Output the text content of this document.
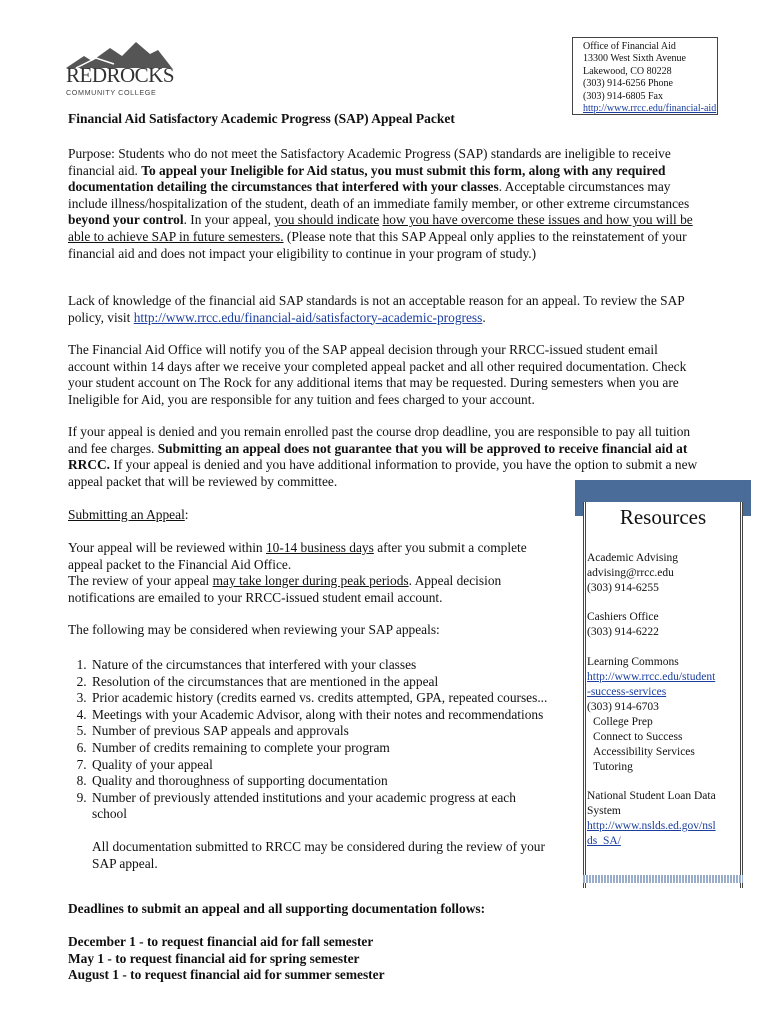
REDROCKS
COMMUNITY COLLEGE
Office of Financial Aid
13300 West Sixth Avenue
Lakewood, CO 80228
(303) 914-6256 Phone
(303) 914-6805 Fax
http://www.rrcc.edu/financial-aid
Financial Aid Satisfactory Academic Progress (SAP) Appeal Packet
Purpose: Students who do not meet the Satisfactory Academic Progress (SAP) standards are ineligible to receive financial aid. To appeal your Ineligible for Aid status, you must submit this form, along with any required documentation detailing the circumstances that interfered with your classes. Acceptable circumstances may include illness/hospitalization of the student, death of an immediate family member, or other extreme circumstances beyond your control. In your appeal, you should indicate how you have overcome these issues and how you will be able to achieve SAP in future semesters. (Please note that this SAP Appeal only applies to the reinstatement of your financial aid and does not impact your eligibility to continue in your program of study.)
Lack of knowledge of the financial aid SAP standards is not an acceptable reason for an appeal. To review the SAP policy, visit http://www.rrcc.edu/financial-aid/satisfactory-academic-progress.
The Financial Aid Office will notify you of the SAP appeal decision through your RRCC-issued student email account within 14 days after we receive your completed appeal packet and all other required documentation. Check your student account on The Rock for any additional items that may be requested. During semesters when you are Ineligible for Aid, you are responsible for any tuition and fees charged to your account.
If your appeal is denied and you remain enrolled past the course drop deadline, you are responsible to pay all tuition and fee charges. Submitting an appeal does not guarantee that you will be approved to receive financial aid at RRCC. If your appeal is denied and you have additional information to provide, you have the option to submit a new appeal packet that will be reviewed by committee.
Submitting an Appeal:
Your appeal will be reviewed within 10-14 business days after you submit a complete appeal packet to the Financial Aid Office.
The review of your appeal may take longer during peak periods. Appeal decision notifications are emailed to your RRCC-issued student email account.
The following may be considered when reviewing your SAP appeals:
1. Nature of the circumstances that interfered with your classes
2. Resolution of the circumstances that are mentioned in the appeal
3. Prior academic history (credits earned vs. credits attempted, GPA, repeated courses...
4. Meetings with your Academic Advisor, along with their notes and recommendations
5. Number of previous SAP appeals and approvals
6. Number of credits remaining to complete your program
7. Quality of your appeal
8. Quality and thoroughness of supporting documentation
9. Number of previously attended institutions and your academic progress at each school
All documentation submitted to RRCC may be considered during the review of your SAP appeal.
Deadlines to submit an appeal and all supporting documentation follows:
December 1 - to request financial aid for fall semester
May 1 - to request financial aid for spring semester
August 1 - to request financial aid for summer semester
Resources
Academic Advising
advising@rrcc.edu
(303) 914-6255
Cashiers Office
(303) 914-6222
Learning Commons
http://www.rrcc.edu/student-success-services
(303) 914-6703
College Prep
Connect to Success
Accessibility Services
Tutoring
National Student Loan Data System
http://www.nslds.ed.gov/nslds_SA/
